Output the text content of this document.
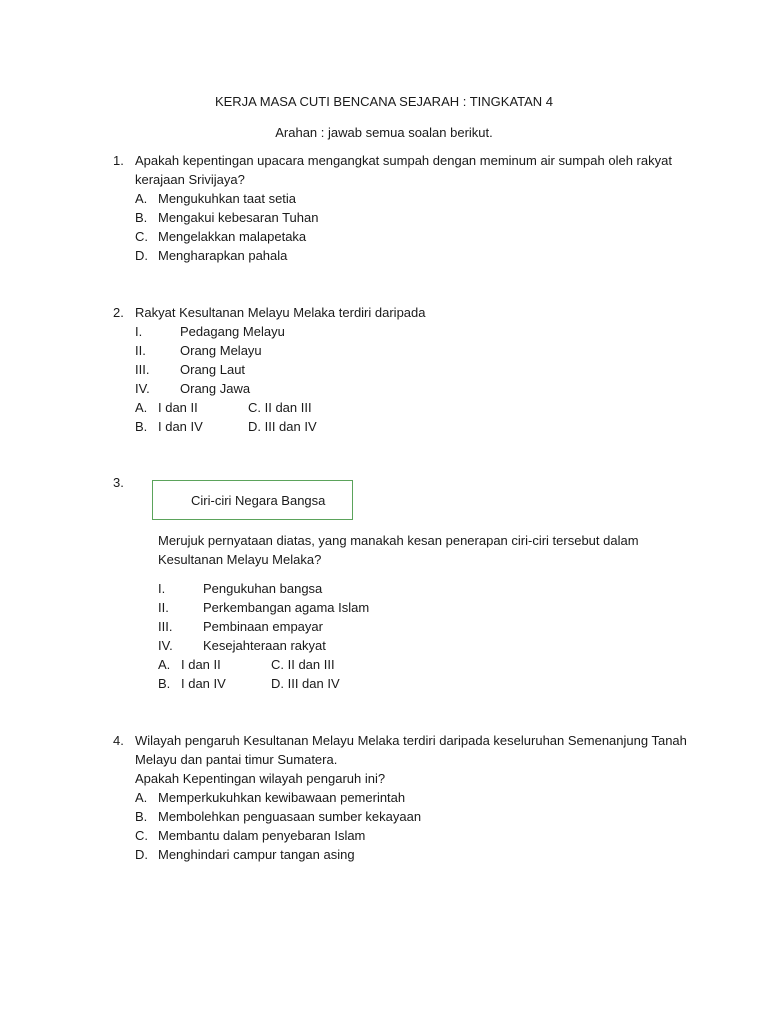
KERJA MASA CUTI BENCANA SEJARAH : TINGKATAN 4
Arahan : jawab semua soalan berikut.
1. Apakah kepentingan upacara mengangkat sumpah dengan meminum air sumpah oleh rakyat kerajaan Srivijaya?
A. Mengukuhkan taat setia
B. Mengakui kebesaran Tuhan
C. Mengelakkan malapetaka
D. Mengharapkan pahala
2. Rakyat Kesultanan Melayu Melaka terdiri daripada
I.	Pedagang Melayu
II.	Orang Melayu
III.	Orang Laut
IV.	Orang Jawa
A. I dan II	C. II dan III
B. I dan IV	D. III dan IV
3.
Ciri-ciri Negara Bangsa
Merujuk pernyataan diatas, yang manakah kesan penerapan ciri-ciri tersebut dalam Kesultanan Melayu Melaka?
I.	Pengukuhan bangsa
II.	Perkembangan agama Islam
III.	Pembinaan empayar
IV.	Kesejahteraan rakyat
A. I dan II	C. II dan III
B. I dan IV	D. III dan IV
4. Wilayah pengaruh Kesultanan Melayu Melaka terdiri daripada keseluruhan Semenanjung Tanah Melayu dan pantai timur Sumatera.
Apakah Kepentingan wilayah pengaruh ini?
A. Memperkukuhkan kewibawaan pemerintah
B. Membolehkan penguasaan sumber kekayaan
C. Membantu dalam penyebaran Islam
D. Menghindari campur tangan asing
